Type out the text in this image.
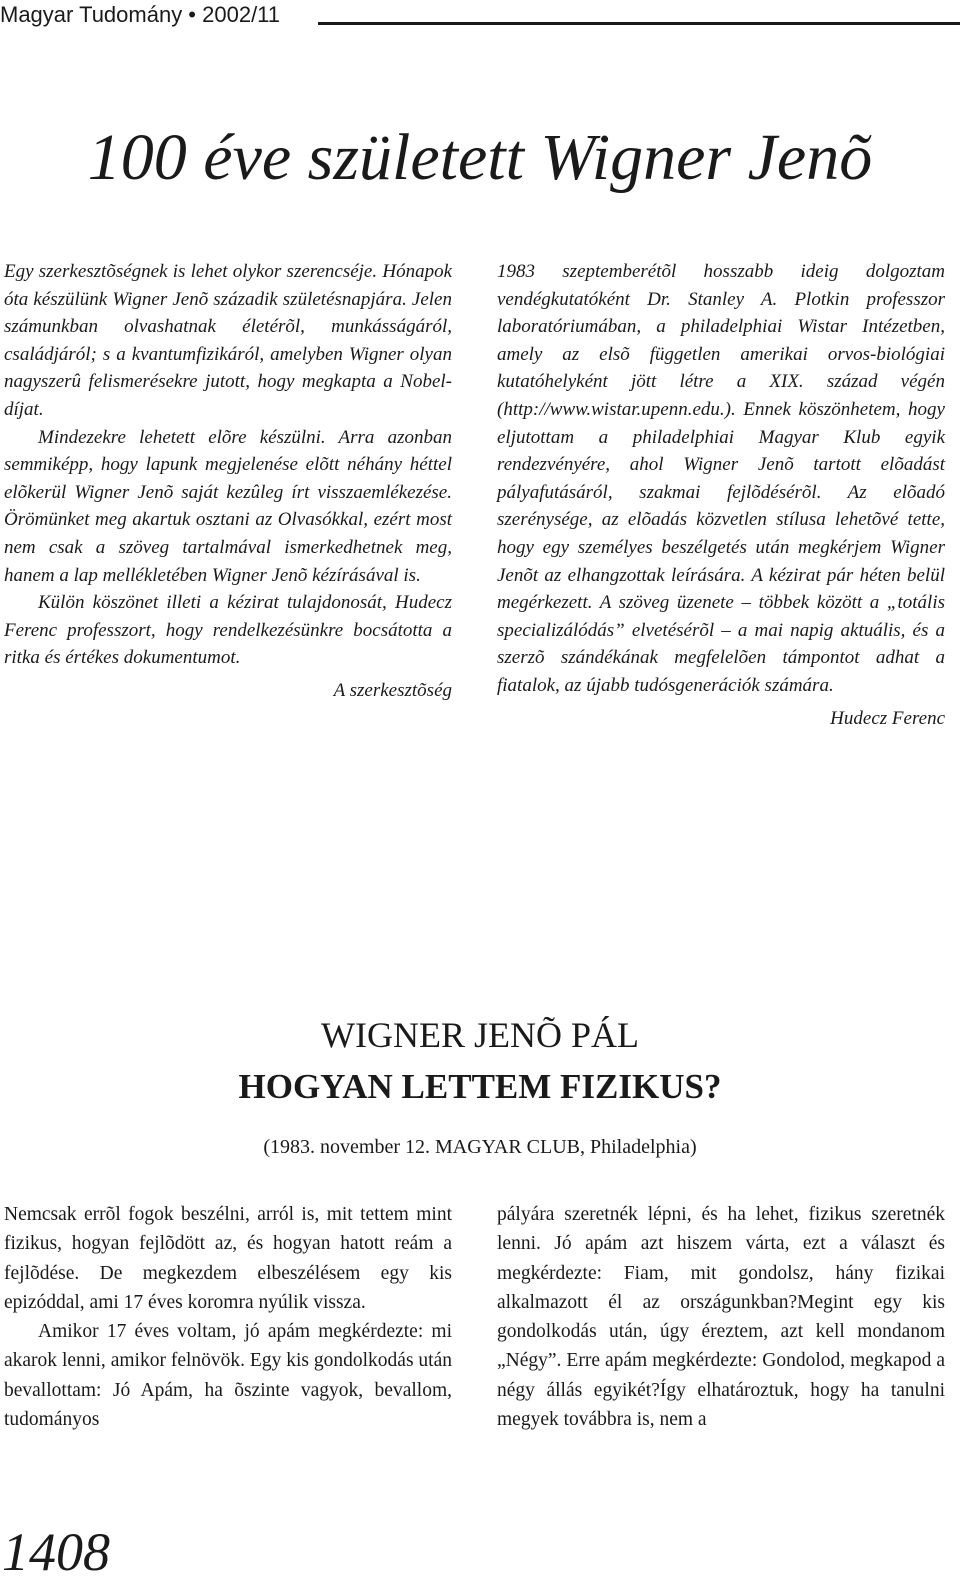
Magyar Tudomány • 2002/11
100 éve született Wigner Jenõ

Egy szerkesztõségnek is lehet olykor szerencséje. Hónapok óta készülünk Wigner Jenõ századik születésnapjára. Jelen számunkban olvashatnak életérõl, munkásságáról, családjáról; s a kvantumfizikáról, amelyben Wigner olyan nagyszerû felismerésekre jutott, hogy megkapta a Nobel-díjat.

Mindezekre lehetett elõre készülni. Arra azonban semmiképp, hogy lapunk megjelenése elõtt néhány héttel elõkerül Wigner Jenõ saját kezûleg írt visszaemlékezése. Örömünket meg akartuk osztani az Olvasókkal, ezért most nem csak a szöveg tartalmával ismerkedhetnek meg, hanem a lap mellékletében Wigner Jenõ kézírásával is.

Külön köszönet illeti a kézirat tulajdonosát, Hudecz Ferenc professzort, hogy rendelkezésünkre bocsátotta a ritka és értékes dokumentumot.

A szerkesztõség

1983 szeptemberétõl hosszabb ideig dolgoztam vendégkutatóként Dr. Stanley A. Plotkin professzor laboratóriumában, a philadelphiai Wistar Intézetben, amely az elsõ független amerikai orvos-biológiai kutatóhelyként jött létre a XIX. század végén (http://www.wistar.upenn.edu.). Ennek köszönhetem, hogy eljutottam a philadelphiai Magyar Klub egyik rendezvényére, ahol Wigner Jenõ tartott elõadást pályafutásáról, szakmai fejlõdésérõl. Az elõadó szerénysége, az elõadás közvetlen stílusa lehetõvé tette, hogy egy személyes beszélgetés után megkérjem Wigner Jenõt az elhangzottak leírására. A kézirat pár héten belül megérkezett. A szöveg üzenete – többek között a „totális specializálódás” elvetésérõl – a mai napig aktuális, és a szerzõ szándékának megfelelõen támpontot adhat a fiatalok, az újabb tudósgenerációk számára.

Hudecz Ferenc
WIGNER JENÕ PÁL
HOGYAN LETTEM FIZIKUS?
(1983. november 12. MAGYAR CLUB, Philadelphia)

Nemcsak errõl fogok beszélni, arról is, mit tettem mint fizikus, hogyan fejlõdött az, és hogyan hatott reám a fejlõdése. De megkezdem elbeszélésem egy kis epizóddal, ami 17 éves koromra nyúlik vissza.

Amikor 17 éves voltam, jó apám megkérdezte: mi akarok lenni, amikor felnövök. Egy kis gondolkodás után bevallottam: Jó Apám, ha õszinte vagyok, bevallom, tudományos

pályára szeretnék lépni, és ha lehet, fizikus szeretnék lenni. Jó apám azt hiszem várta, ezt a választ és megkérdezte: Fiam, mit gondolsz, hány fizikai alkalmazott él az országunkban?Megint egy kis gondolkodás után, úgy éreztem, azt kell mondanom „Négy”. Erre apám megkérdezte: Gondolod, megkapod a négy állás egyikét?Így elhatároztuk, hogy ha tanulni megyek továbbra is, nem a

1408
